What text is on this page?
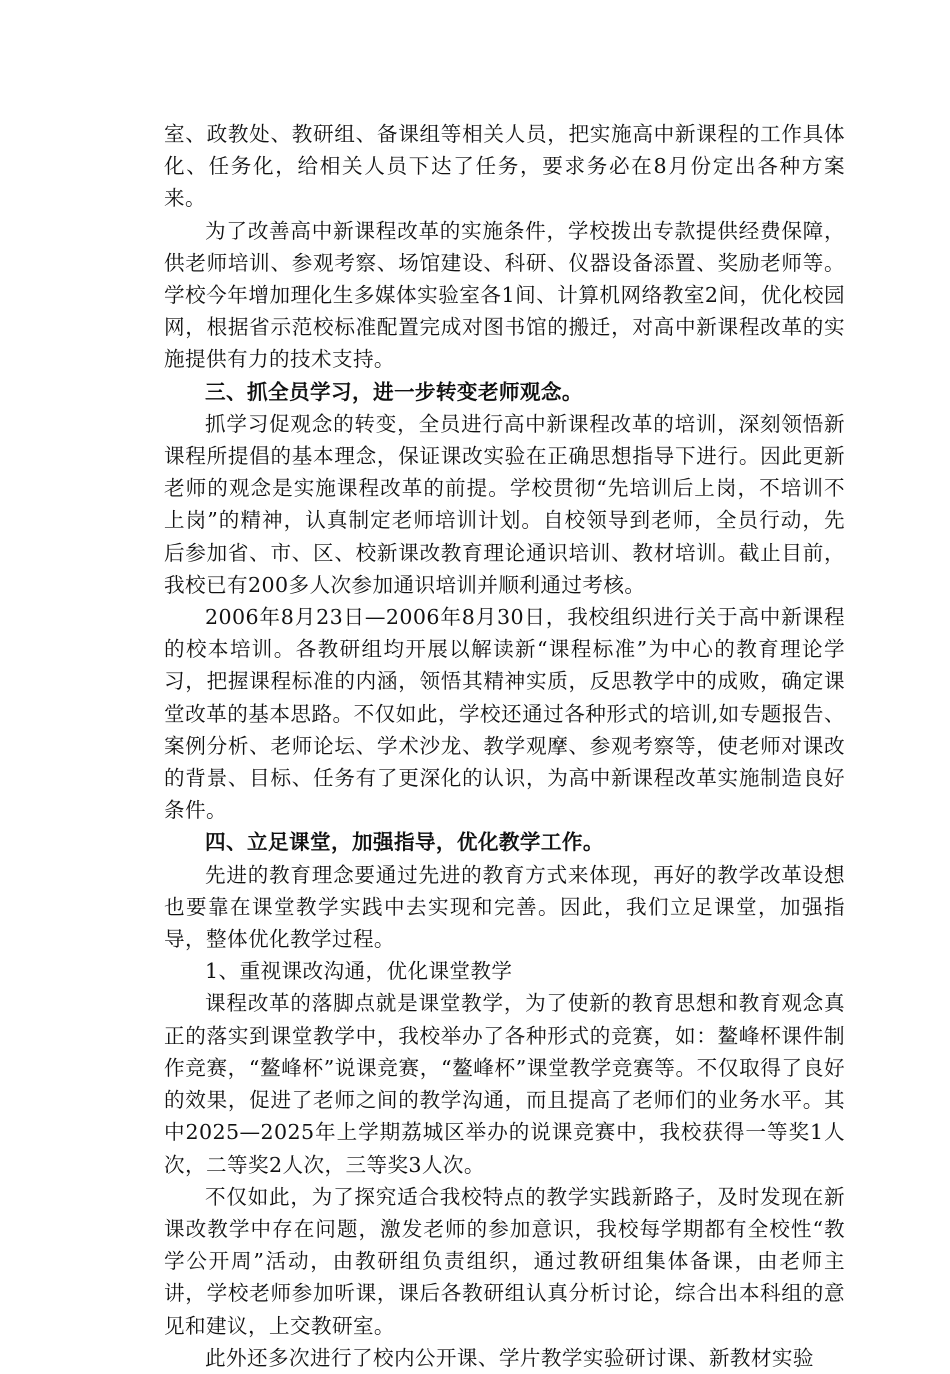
室、政教处、教研组、备课组等相关人员，把实施高中新课程的工作具体化、任务化，给相关人员下达了任务，要求务必在8月份定出各种方案来。

为了改善高中新课程改革的实施条件，学校拨出专款提供经费保障，供老师培训、参观考察、场馆建设、科研、仪器设备添置、奖励老师等。学校今年增加理化生多媒体实验室各1间、计算机网络教室2间，优化校园网，根据省示范校标准配置完成对图书馆的搬迁，对高中新课程改革的实施提供有力的技术支持。

三、抓全员学习，进一步转变老师观念。

抓学习促观念的转变，全员进行高中新课程改革的培训，深刻领悟新课程所提倡的基本理念，保证课改实验在正确思想指导下进行。因此更新老师的观念是实施课程改革的前提。学校贯彻“先培训后上岗，不培训不上岗”的精神，认真制定老师培训计划。自校领导到老师，全员行动，先后参加省、市、区、校新课改教育理论通识培训、教材培训。截止目前，我校已有200多人次参加通识培训并顺利通过考核。

2006年8月23日—2006年8月30日，我校组织进行关于高中新课程的校本培训。各教研组均开展以解读新“课程标准”为中心的教育理论学习，把握课程标准的内涵，领悟其精神实质，反思教学中的成败，确定课堂改革的基本思路。不仅如此，学校还通过各种形式的培训,如专题报告、案例分析、老师论坛、学术沙龙、教学观摩、参观考察等，使老师对课改的背景、目标、任务有了更深化的认识，为高中新课程改革实施制造良好条件。

四、立足课堂，加强指导，优化教学工作。

先进的教育理念要通过先进的教育方式来体现，再好的教学改革设想也要靠在课堂教学实践中去实现和完善。因此，我们立足课堂，加强指导，整体优化教学过程。

1、重视课改沟通，优化课堂教学

课程改革的落脚点就是课堂教学，为了使新的教育思想和教育观念真正的落实到课堂教学中，我校举办了各种形式的竞赛，如：鳌峰杯课件制作竞赛，“鳌峰杯”说课竞赛，“鳌峰杯”课堂教学竞赛等。不仅取得了良好的效果，促进了老师之间的教学沟通，而且提高了老师们的业务水平。其中2025—2025年上学期荔城区举办的说课竞赛中，我校获得一等奖1人次，二等奖2人次，三等奖3人次。

不仅如此，为了探究适合我校特点的教学实践新路子，及时发现在新课改教学中存在问题，激发老师的参加意识，我校每学期都有全校性“教学公开周”活动，由教研组负责组织，通过教研组集体备课，由老师主讲，学校老师参加听课，课后各教研组认真分析讨论，综合出本科组的意见和建议，上交教研室。

此外还多次进行了校内公开课、学片教学实验研讨课、新教材实验
